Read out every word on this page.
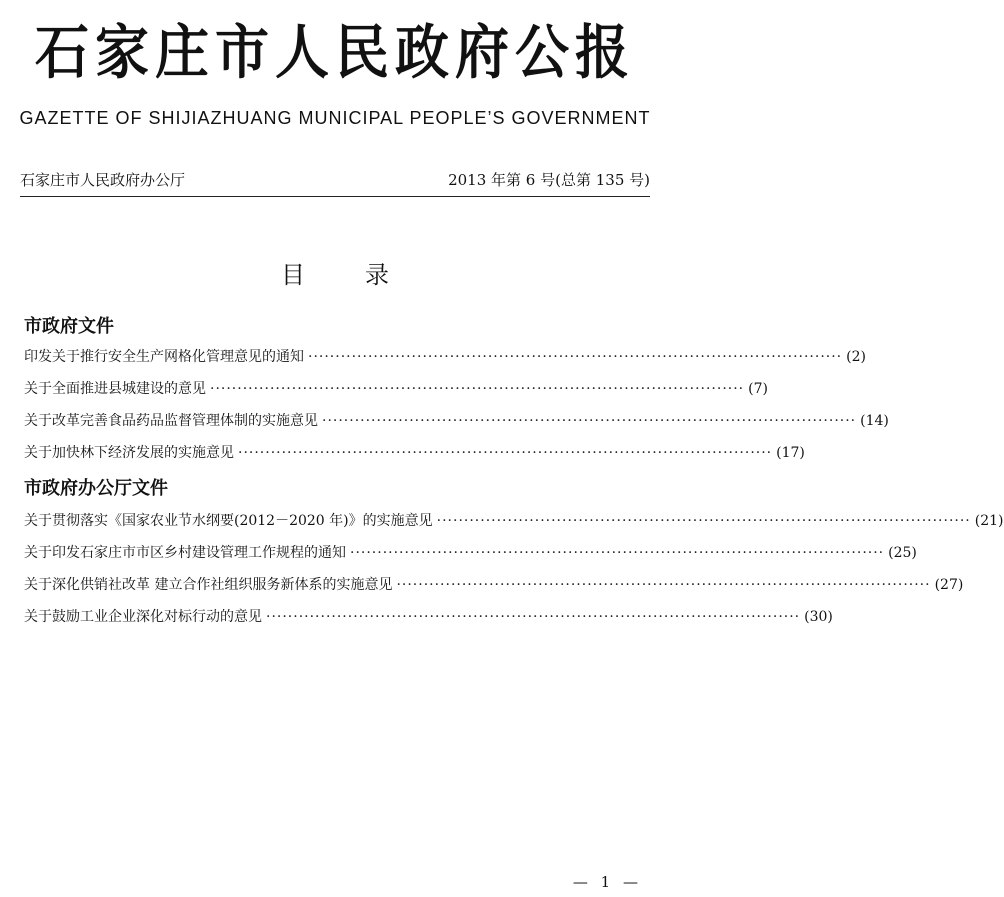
石家庄市人民政府公报
GAZETTE OF SHIJIAZHUANG MUNICIPAL PEOPLE’S GOVERNMENT
石家庄市人民政府办公厅	2013 年第 6 号(总第 135 号)
目录
市政府文件
印发关于推行安全生产网格化管理意见的通知 ·································································································· (2)
关于全面推进县城建设的意见 ·································································································· (7)
关于改革完善食品药品监督管理体制的实施意见 ·································································································· (14)
关于加快林下经济发展的实施意见 ·································································································· (17)
市政府办公厅文件
关于贯彻落实《国家农业节水纲要(2012－2020 年)》的实施意见 ·································································································· (21)
关于印发石家庄市市区乡村建设管理工作规程的通知 ·································································································· (25)
关于深化供销社改革 建立合作社组织服务新体系的实施意见 ·································································································· (27)
关于鼓励工业企业深化对标行动的意见 ·································································································· (30)
— 1 —
